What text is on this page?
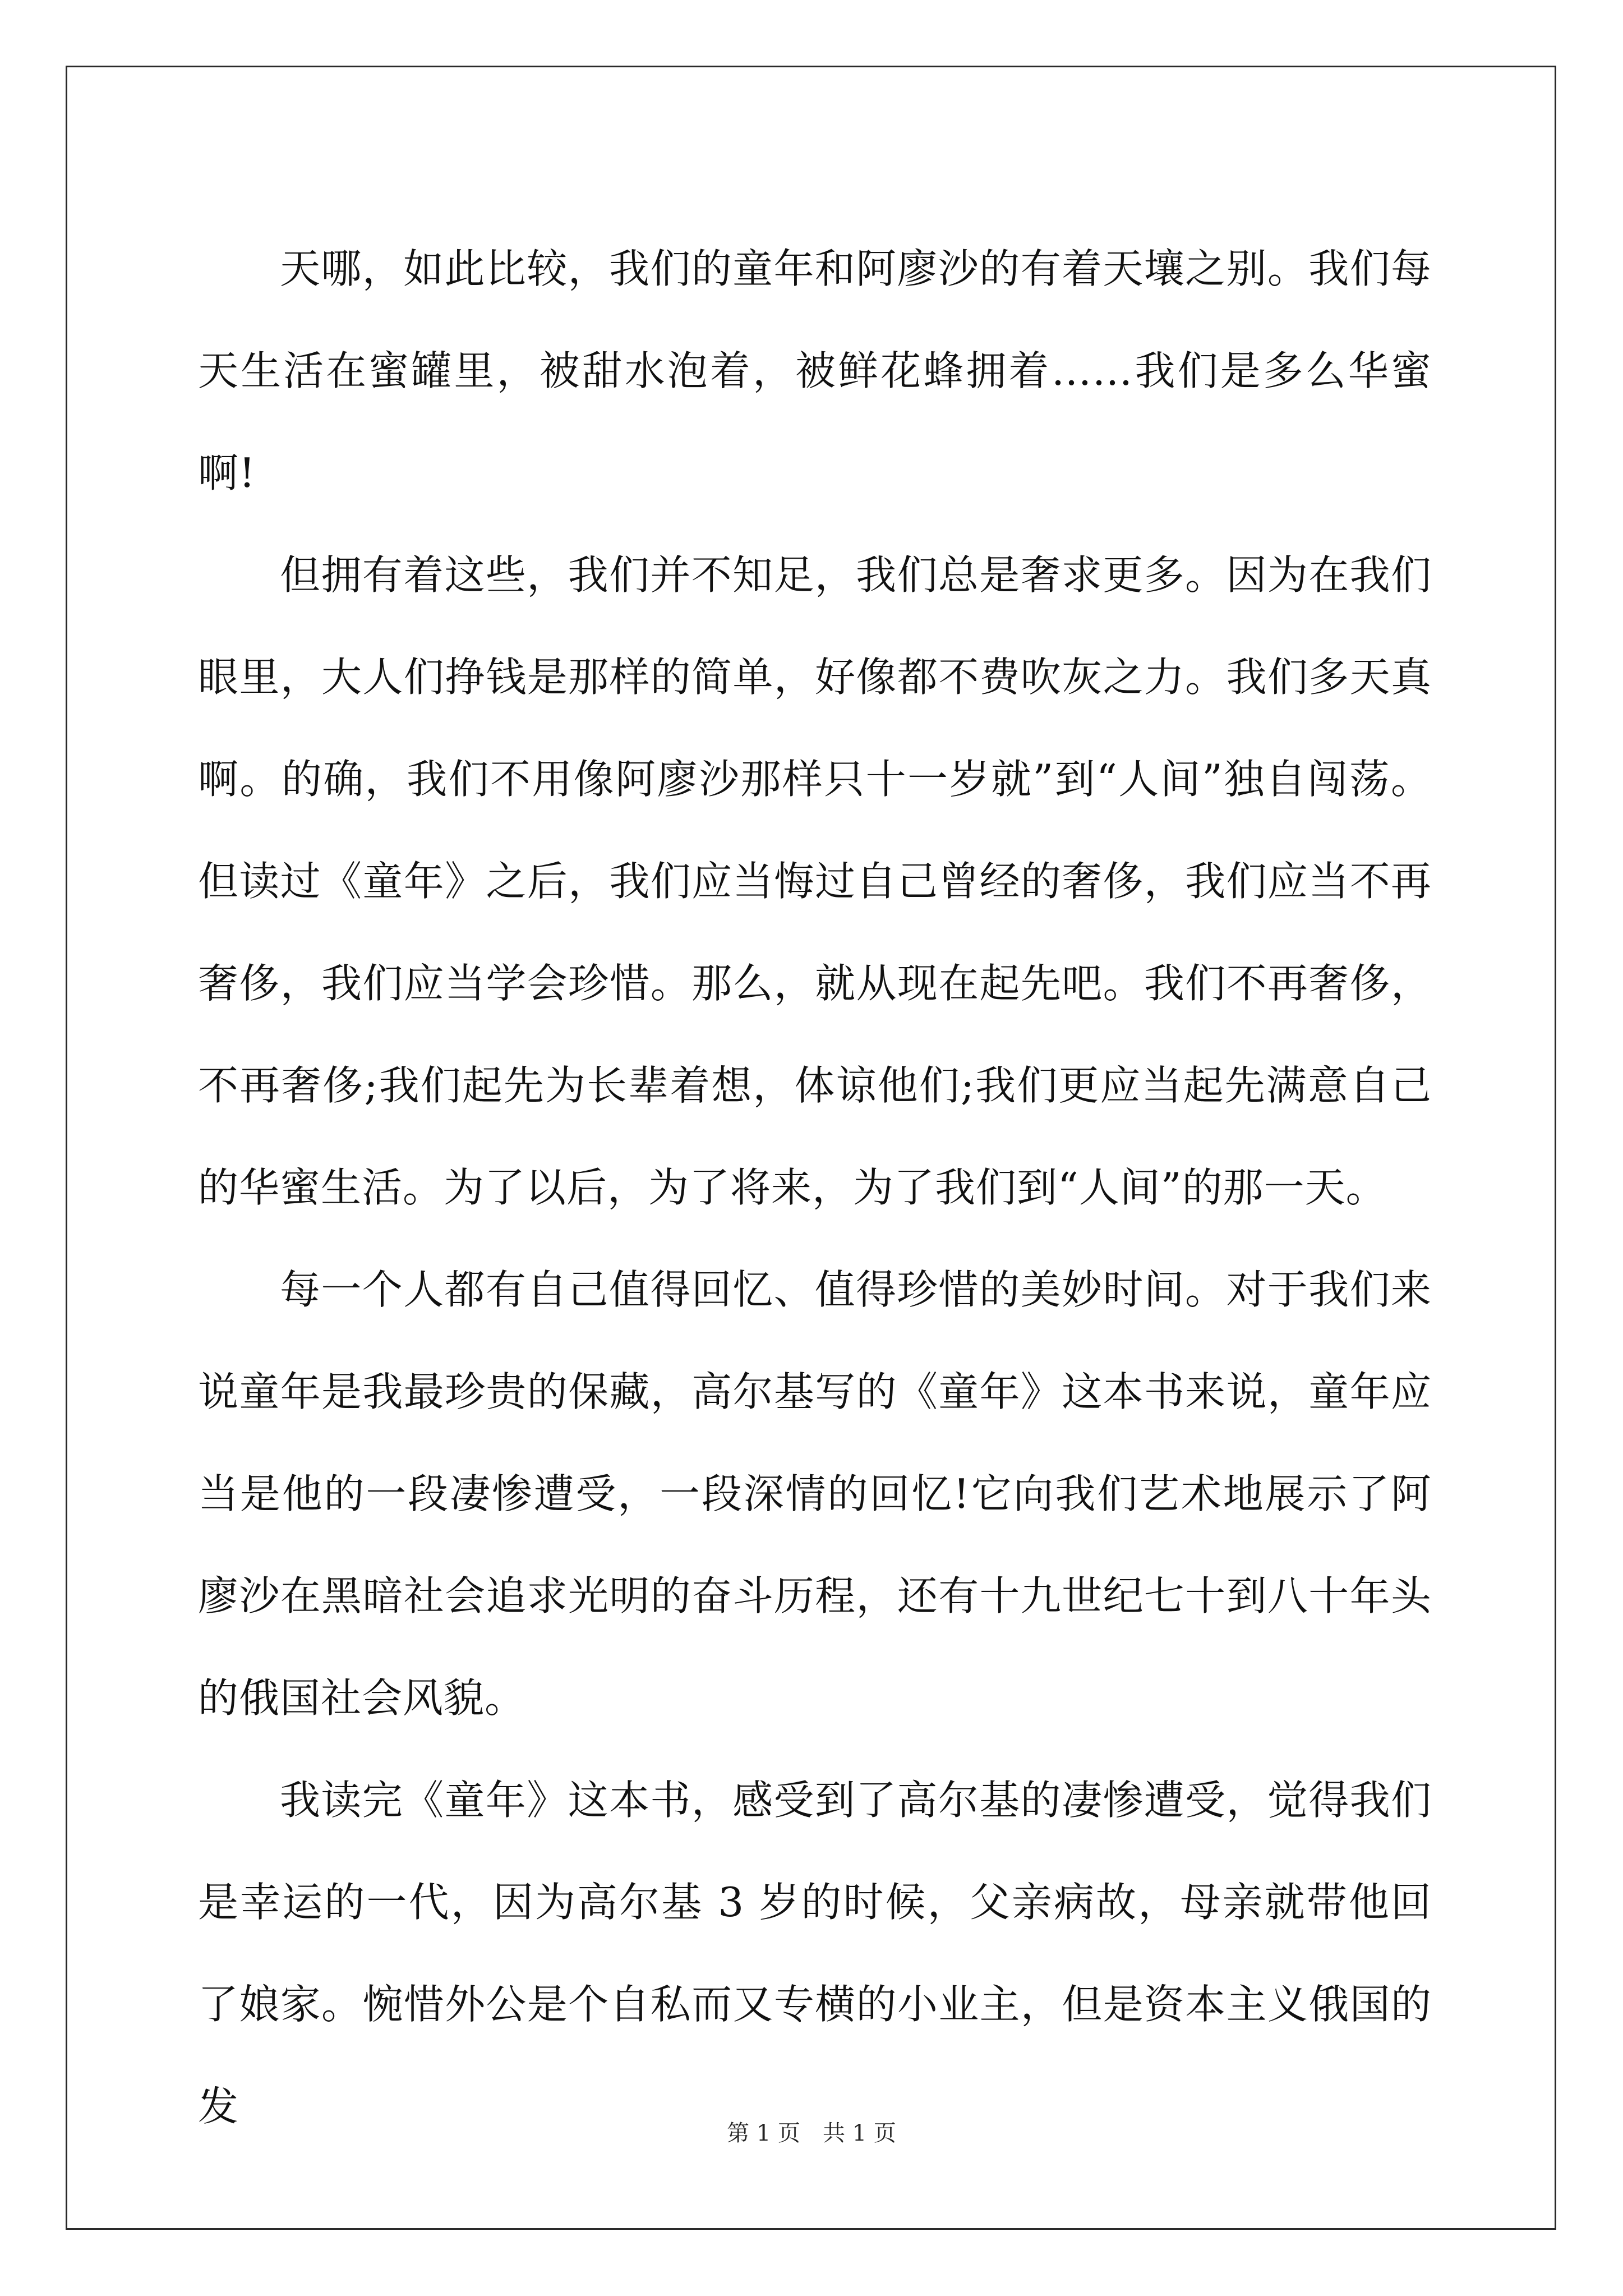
天哪，如此比较，我们的童年和阿廖沙的有着天壤之别。我们每天生活在蜜罐里，被甜水泡着，被鲜花蜂拥着……我们是多么华蜜啊!

但拥有着这些，我们并不知足，我们总是奢求更多。因为在我们眼里，大人们挣钱是那样的简单，好像都不费吹灰之力。我们多天真啊。的确，我们不用像阿廖沙那样只十一岁就”到“人间”独自闯荡。但读过《童年》之后，我们应当悔过自己曾经的奢侈，我们应当不再奢侈，我们应当学会珍惜。那么，就从现在起先吧。我们不再奢侈，不再奢侈;我们起先为长辈着想，体谅他们;我们更应当起先满意自己的华蜜生活。为了以后，为了将来，为了我们到“人间”的那一天。

每一个人都有自己值得回忆、值得珍惜的美妙时间。对于我们来说童年是我最珍贵的保藏，高尔基写的《童年》这本书来说，童年应当是他的一段凄惨遭受，一段深情的回忆!它向我们艺术地展示了阿廖沙在黑暗社会追求光明的奋斗历程，还有十九世纪七十到八十年头的俄国社会风貌。

我读完《童年》这本书，感受到了高尔基的凄惨遭受，觉得我们是幸运的一代，因为高尔基 3 岁的时候，父亲病故，母亲就带他回了娘家。惋惜外公是个自私而又专横的小业主，但是资本主义俄国的发

第 1 页 共 1 页
